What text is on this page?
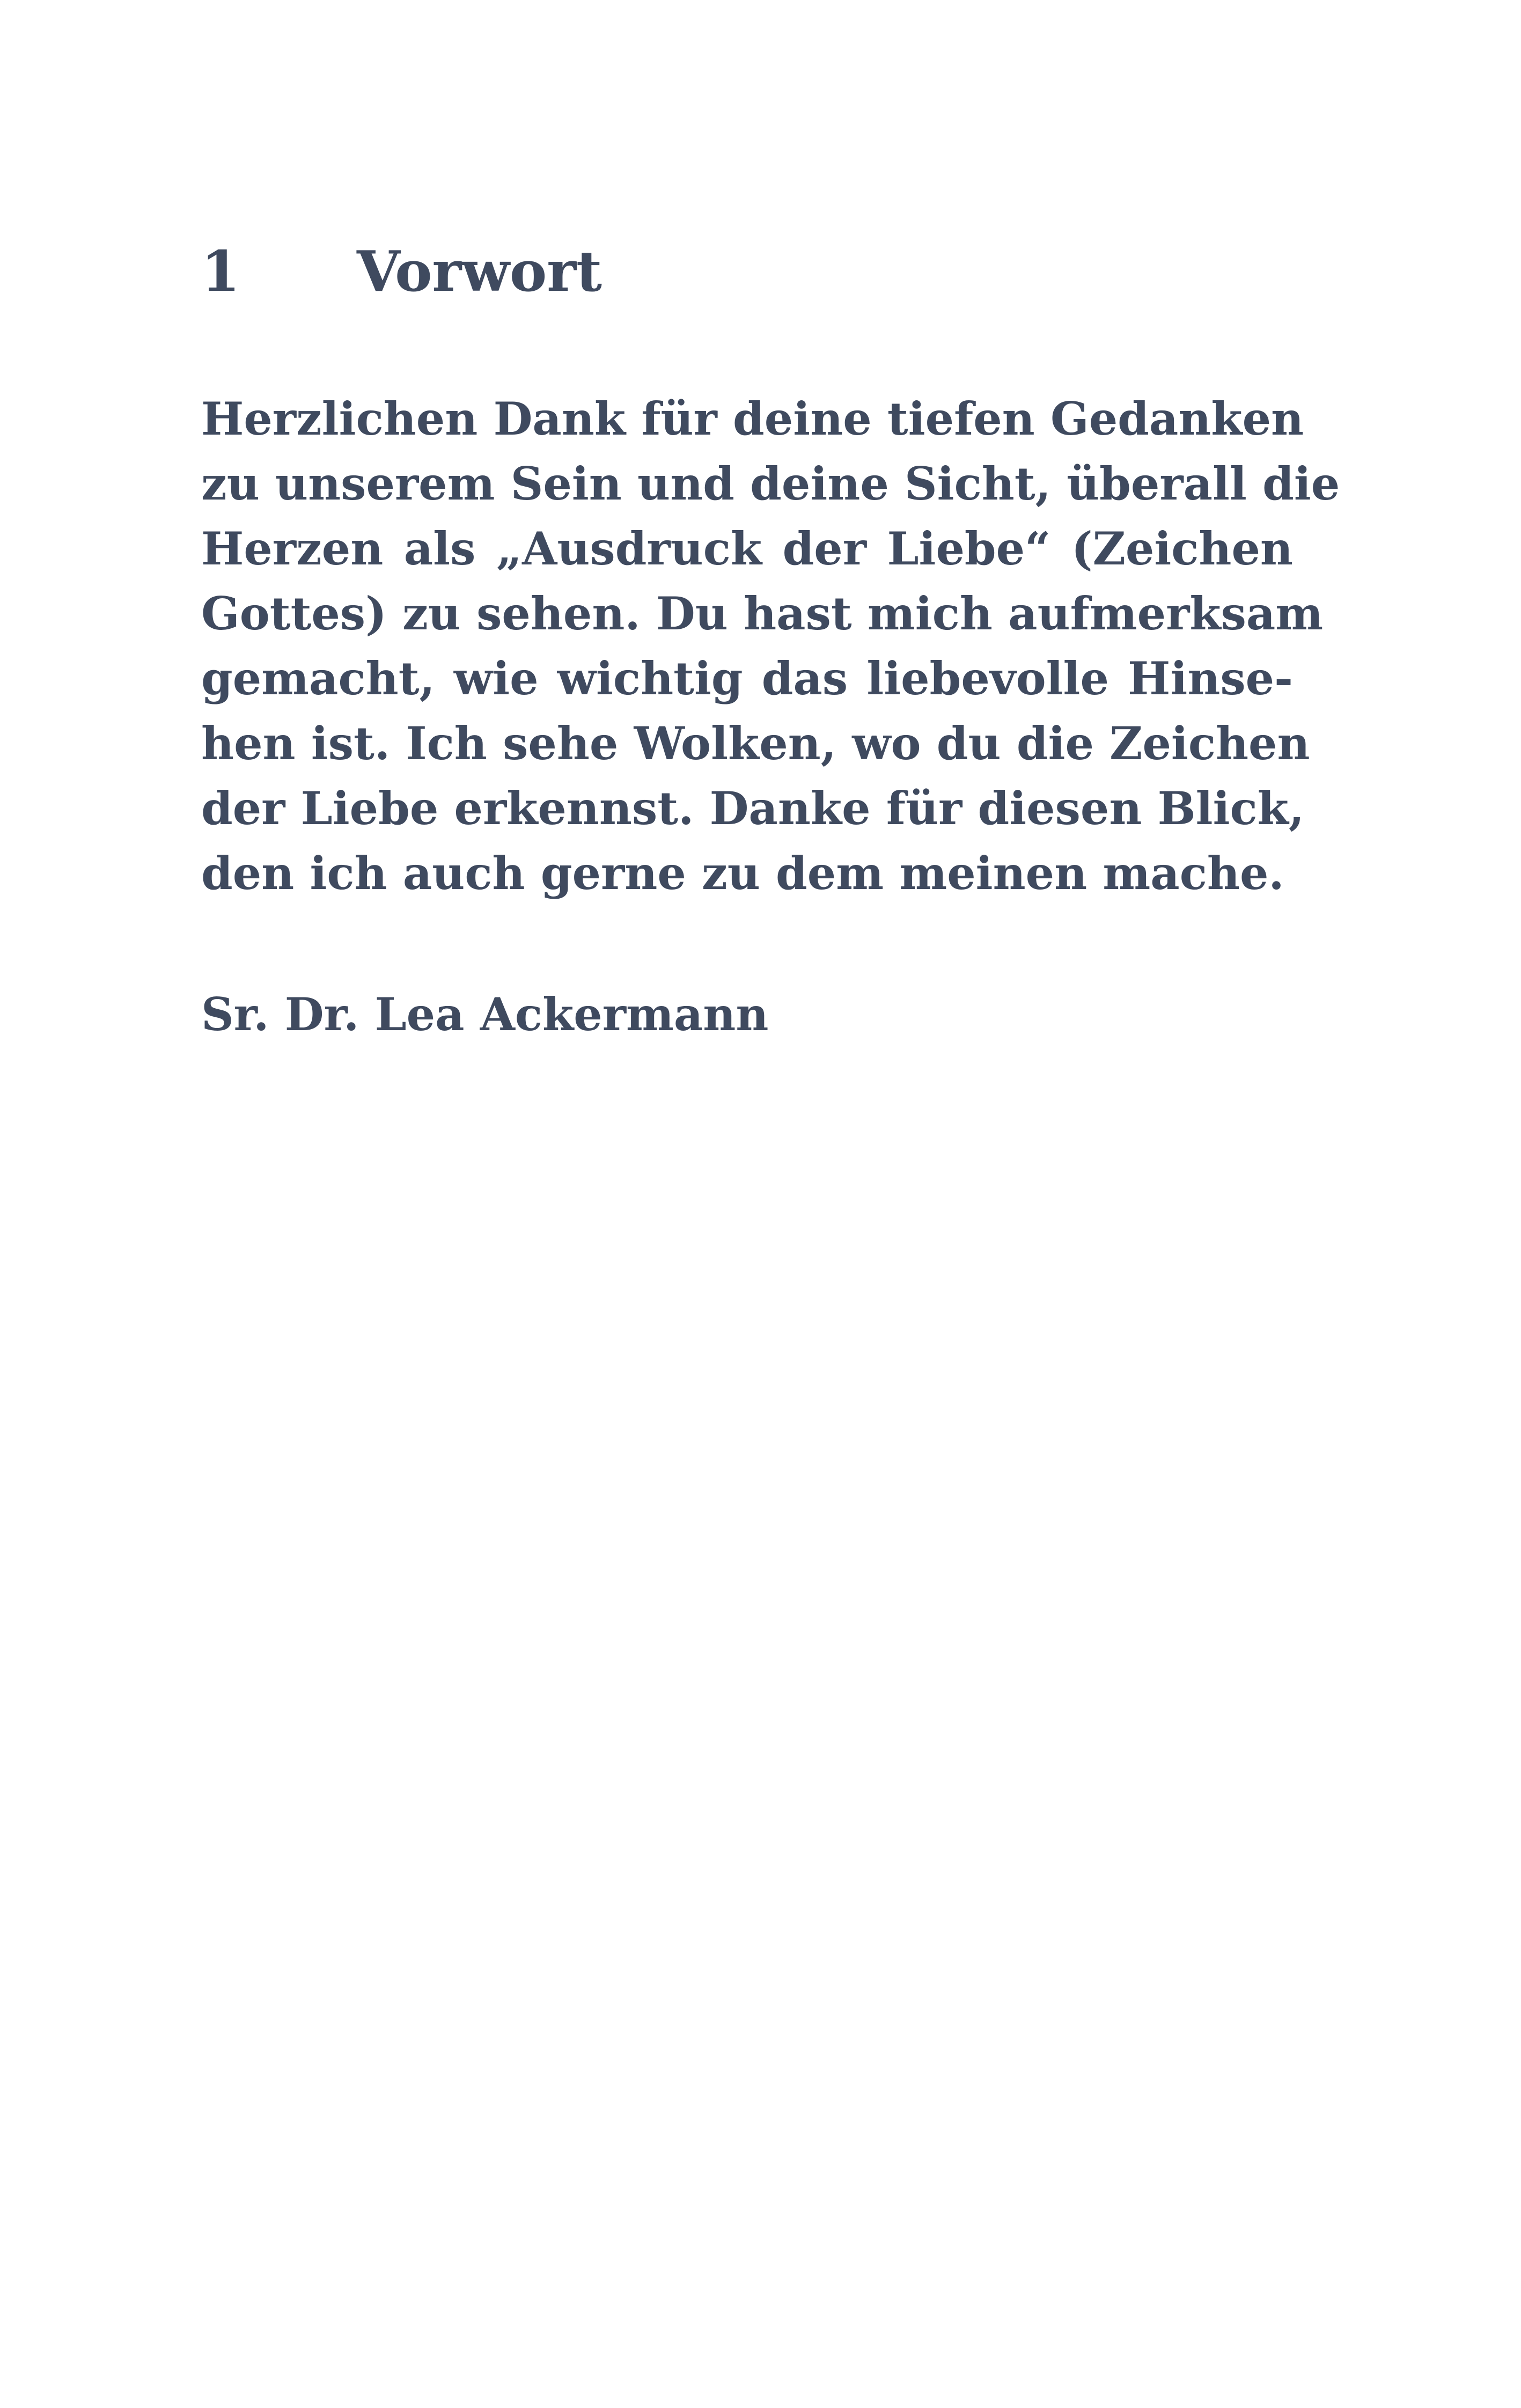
1 Vorwort
Herzlichen Dank für deine tiefen Gedanken
zu unserem Sein und deine Sicht, überall die
Herzen als „Ausdruck der Liebe“ (Zeichen
Gottes) zu sehen. Du hast mich aufmerksam
gemacht, wie wichtig das liebevolle Hinse-
hen ist. Ich sehe Wolken, wo du die Zeichen
der Liebe erkennst. Danke für diesen Blick,
den ich auch gerne zu dem meinen mache.
Sr. Dr. Lea Ackermann
